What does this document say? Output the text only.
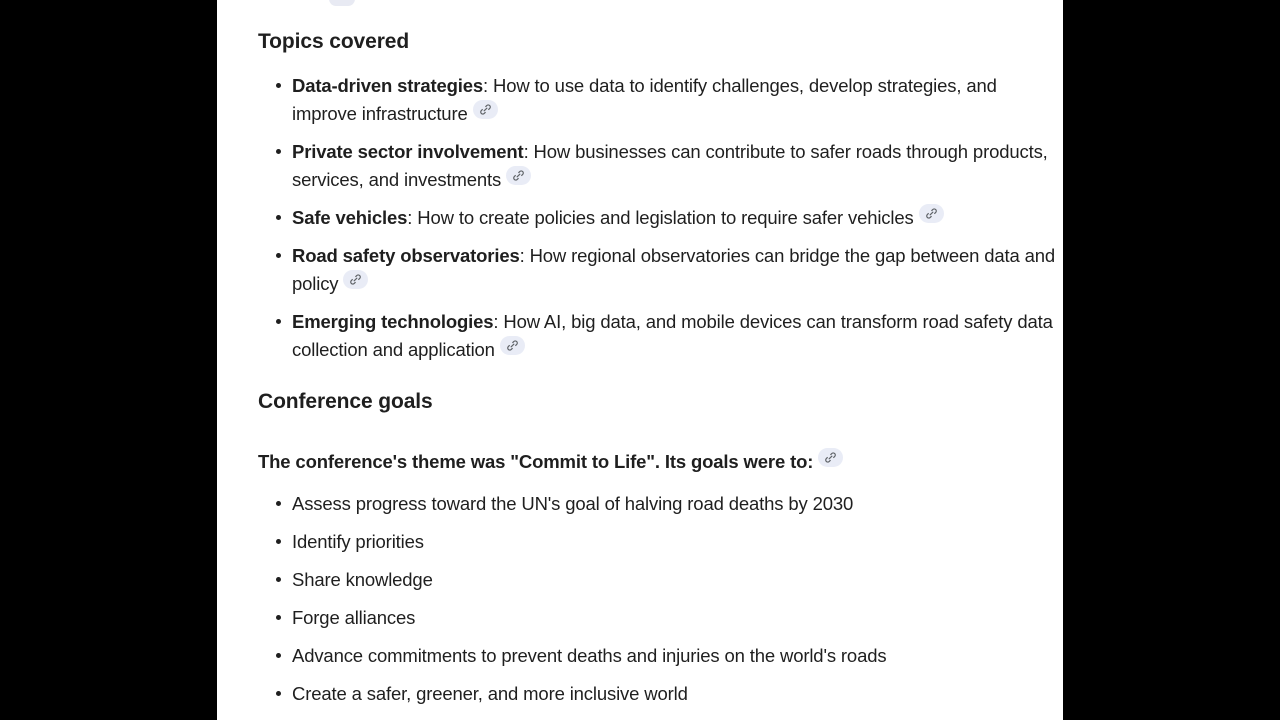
Topics covered
Data-driven strategies: How to use data to identify challenges, develop strategies, and improve infrastructure
Private sector involvement: How businesses can contribute to safer roads through products, services, and investments
Safe vehicles: How to create policies and legislation to require safer vehicles
Road safety observatories: How regional observatories can bridge the gap between data and policy
Emerging technologies: How AI, big data, and mobile devices can transform road safety data collection and application
Conference goals
The conference's theme was "Commit to Life". Its goals were to:
Assess progress toward the UN's goal of halving road deaths by 2030
Identify priorities
Share knowledge
Forge alliances
Advance commitments to prevent deaths and injuries on the world's roads
Create a safer, greener, and more inclusive world
